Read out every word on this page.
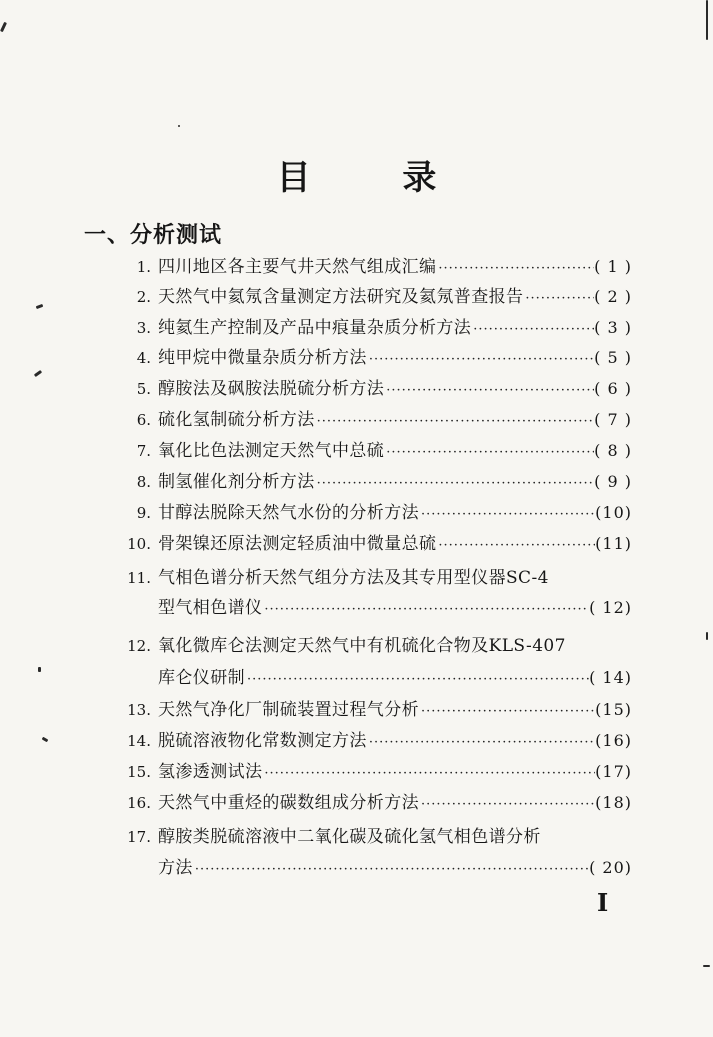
目 录
一、分析测试
1. 四川地区各主要气井天然气组成汇编 ·····	( 1 )
2. 天然气中氦氖含量测定方法研究及氦氖普查报告 ·····	( 2 )
3. 纯氦生产控制及产品中痕量杂质分析方法 ·····	( 3 )
4. 纯甲烷中微量杂质分析方法 ·····	( 5 )
5. 醇胺法及砜胺法脱硫分析方法 ·····	( 6 )
6. 硫化氢制硫分析方法 ·····	( 7 )
7. 氧化比色法测定天然气中总硫 ·····	( 8 )
8. 制氢催化剂分析方法 ·····	( 9 )
9. 甘醇法脱除天然气水份的分析方法 ·····	(10)
10. 骨架镍还原法测定轻质油中微量总硫 ·····	(11)
11. 气相色谱分析天然气组分方法及其专用型仪器SC-4
型气相色谱仪 ·····	( 12)
12. 氧化微库仑法测定天然气中有机硫化合物及KLS-407
库仑仪研制 ·····	( 14)
13. 天然气净化厂制硫装置过程气分析 ·····	(15)
14. 脱硫溶液物化常数测定方法 ·····	(16)
15. 氢渗透测试法 ·····	(17)
16. 天然气中重烃的碳数组成分析方法 ·····	(18)
17. 醇胺类脱硫溶液中二氧化碳及硫化氢气相色谱分析
方法 ·····	( 20)
I
